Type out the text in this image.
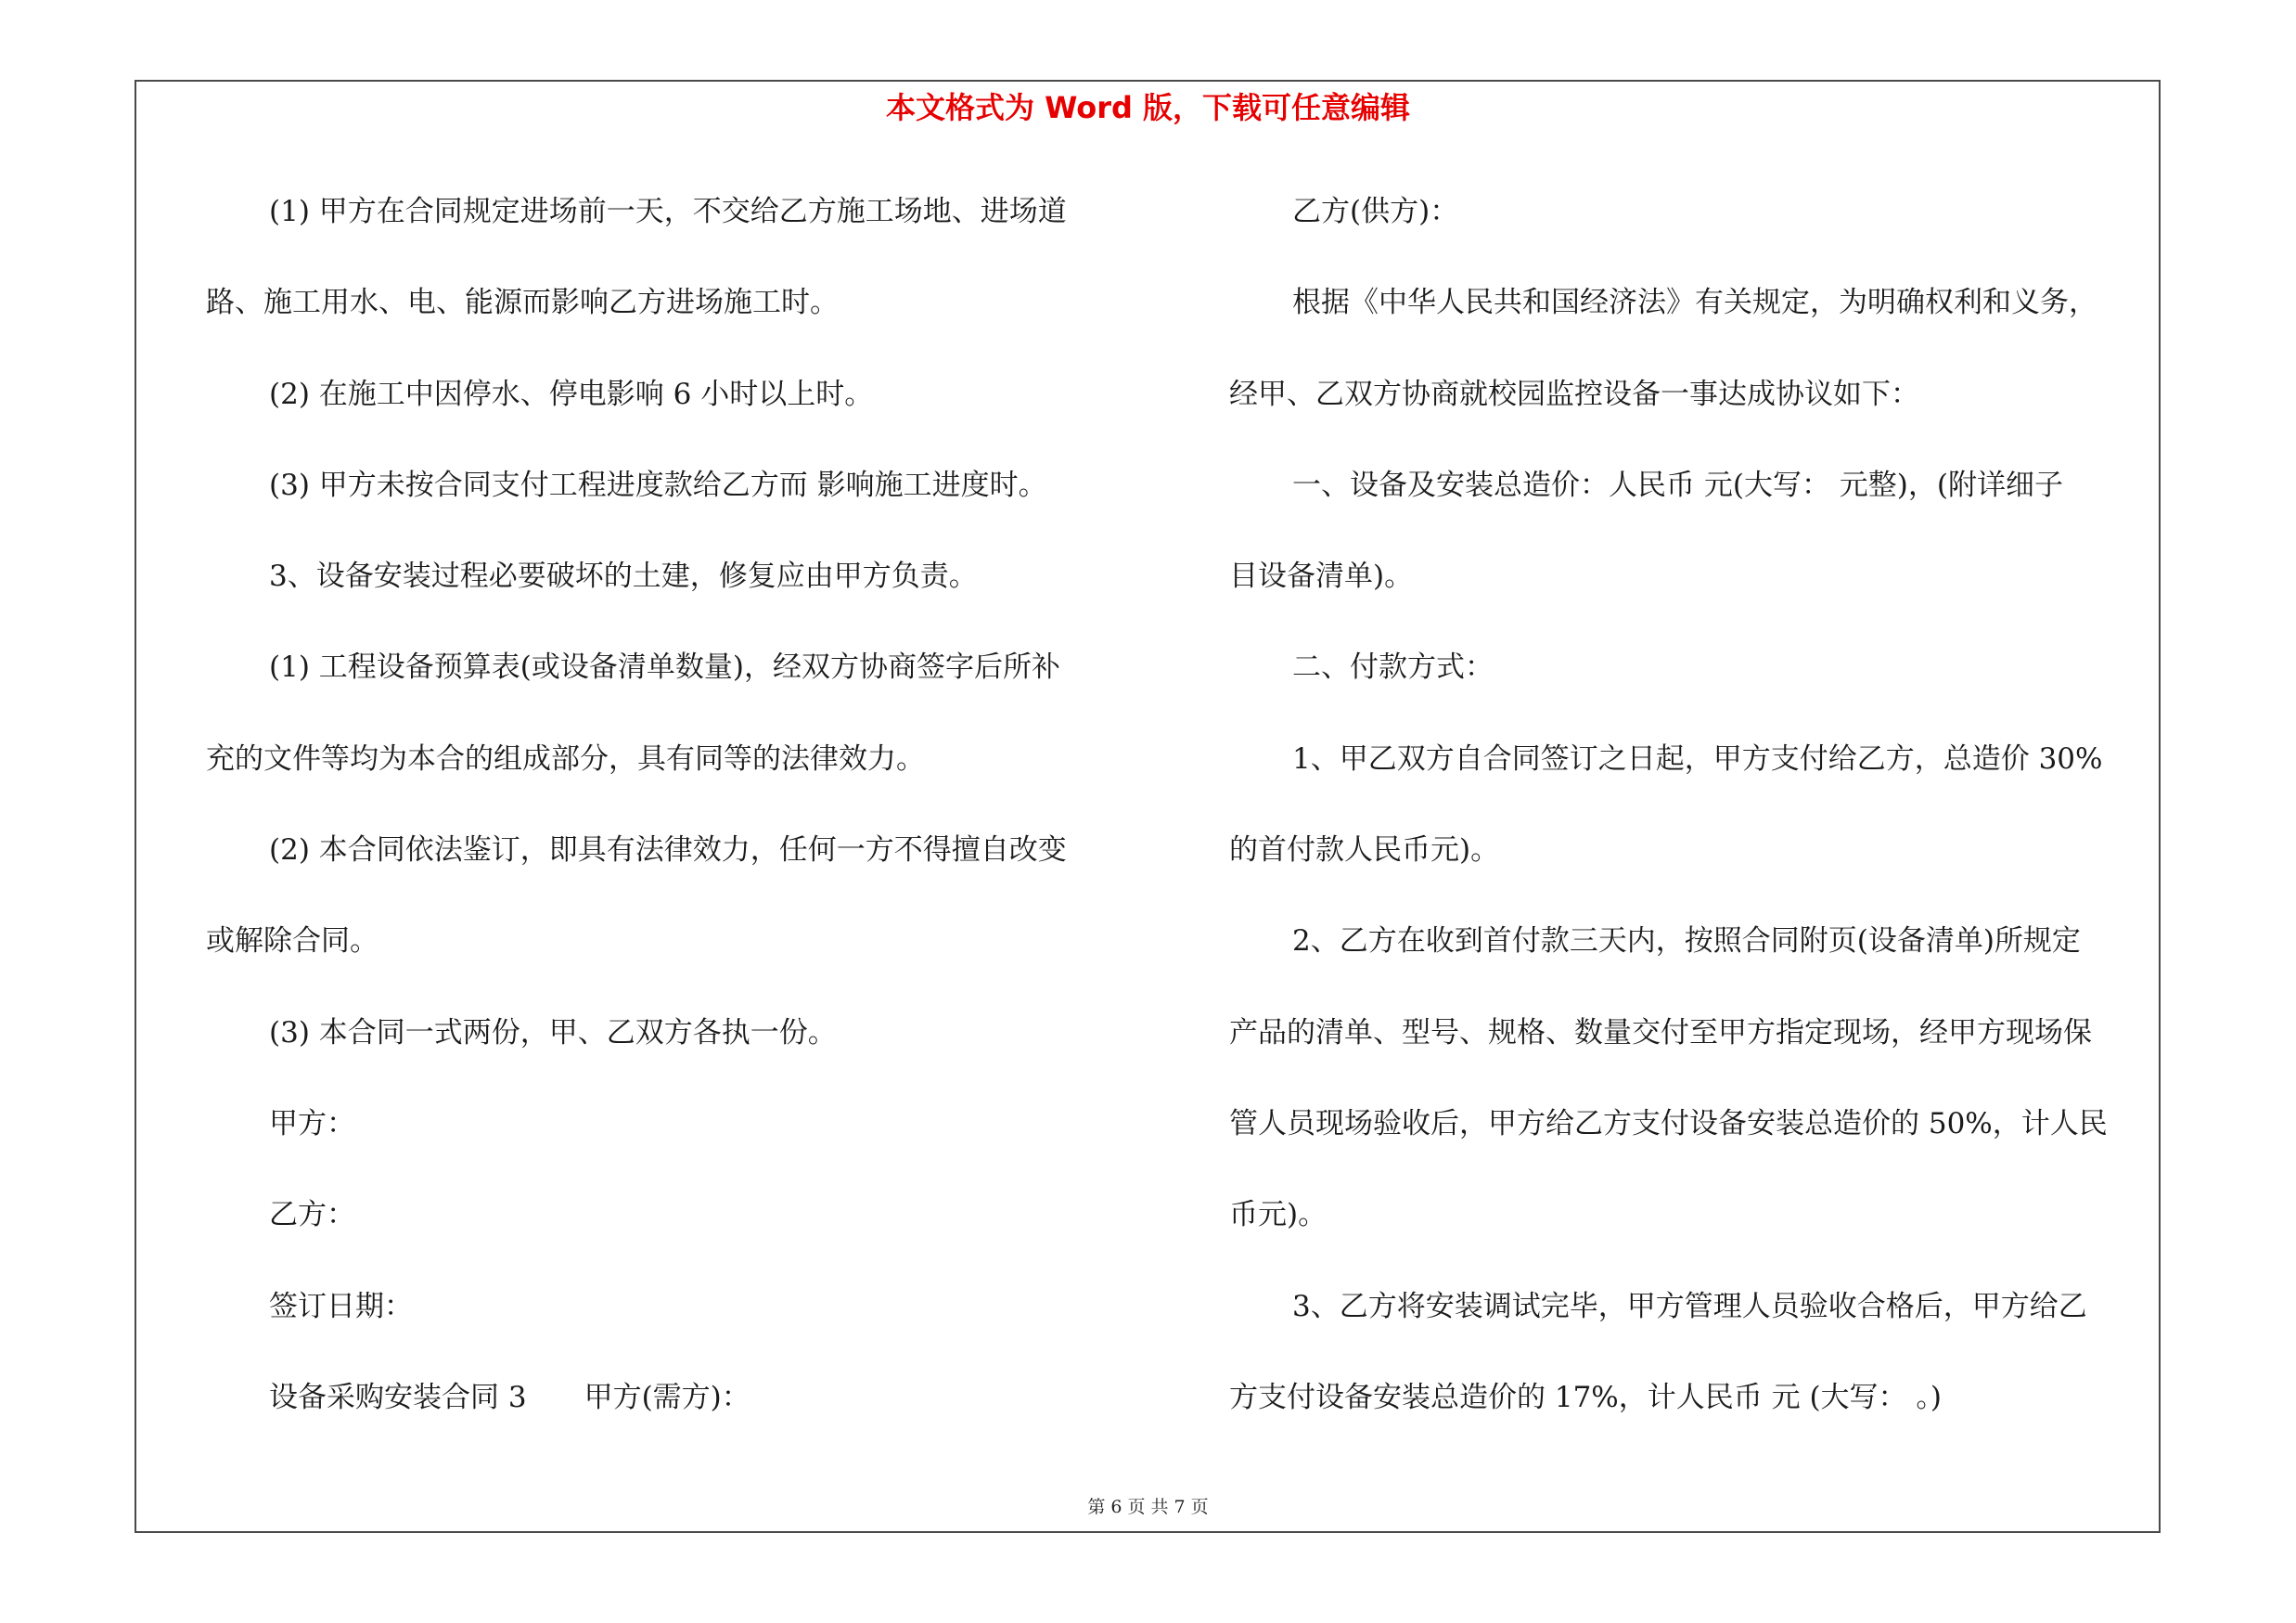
本文格式为 Word 版，下载可任意编辑
(1) 甲方在合同规定进场前一天，不交给乙方施工场地、进场道
路、施工用水、电、能源而影响乙方进场施工时。
(2) 在施工中因停水、停电影响 6 小时以上时。
(3) 甲方未按合同支付工程进度款给乙方而 影响施工进度时。
3、设备安装过程必要破坏的土建，修复应由甲方负责。
(1) 工程设备预算表(或设备清单数量)，经双方协商签字后所补
充的文件等均为本合的组成部分，具有同等的法律效力。
(2) 本合同依法鉴订，即具有法律效力，任何一方不得擅自改变
或解除合同。
(3) 本合同一式两份，甲、乙双方各执一份。
甲方：
乙方：
签订日期：
设备采购安装合同 3　　甲方(需方)：
乙方(供方)：
根据《中华人民共和国经济法》有关规定，为明确权利和义务，
经甲、乙双方协商就校园监控设备一事达成协议如下：
一、设备及安装总造价：人民币 元(大写： 元整)，(附详细子
目设备清单)。
二、付款方式：
1、甲乙双方自合同签订之日起，甲方支付给乙方，总造价 30%
的首付款人民币元)。
2、乙方在收到首付款三天内，按照合同附页(设备清单)所规定
产品的清单、型号、规格、数量交付至甲方指定现场，经甲方现场保
管人员现场验收后，甲方给乙方支付设备安装总造价的 50%，计人民
币元)。
3、乙方将安装调试完毕，甲方管理人员验收合格后，甲方给乙
方支付设备安装总造价的 17%，计人民币 元 (大写： 。)
第 6 页 共 7 页
